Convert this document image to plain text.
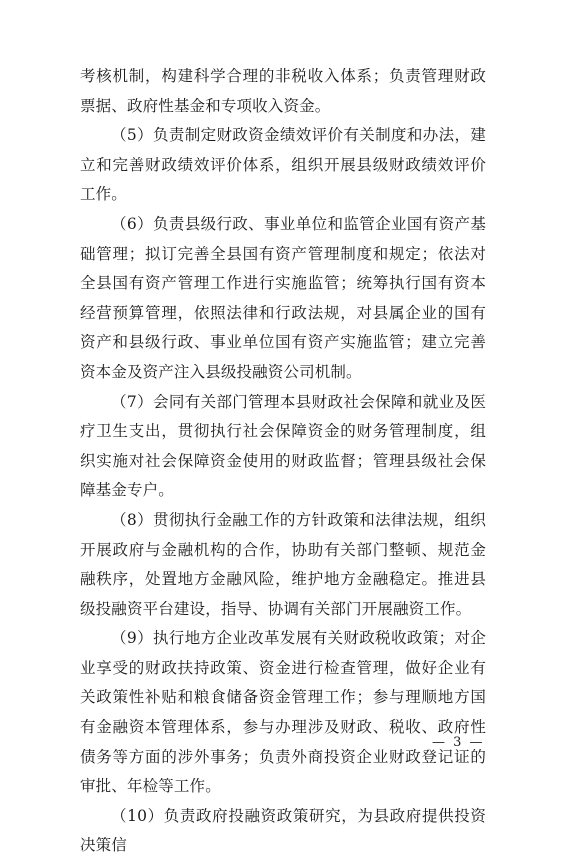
考核机制，构建科学合理的非税收入体系；负责管理财政票据、政府性基金和专项收入资金。

（5）负责制定财政资金绩效评价有关制度和办法，建立和完善财政绩效评价体系，组织开展县级财政绩效评价工作。

（6）负责县级行政、事业单位和监管企业国有资产基础管理；拟订完善全县国有资产管理制度和规定；依法对全县国有资产管理工作进行实施监管；统筹执行国有资本经营预算管理，依照法律和行政法规，对县属企业的国有资产和县级行政、事业单位国有资产实施监管；建立完善资本金及资产注入县级投融资公司机制。

（7）会同有关部门管理本县财政社会保障和就业及医疗卫生支出，贯彻执行社会保障资金的财务管理制度，组织实施对社会保障资金使用的财政监督；管理县级社会保障基金专户。

（8）贯彻执行金融工作的方针政策和法律法规，组织开展政府与金融机构的合作，协助有关部门整顿、规范金融秩序，处置地方金融风险，维护地方金融稳定。推进县级投融资平台建设，指导、协调有关部门开展融资工作。

（9）执行地方企业改革发展有关财政税收政策；对企业享受的财政扶持政策、资金进行检查管理，做好企业有关政策性补贴和粮食储备资金管理工作；参与理顺地方国有金融资本管理体系，参与办理涉及财政、税收、政府性债务等方面的涉外事务；负责外商投资企业财政登记证的审批、年检等工作。

（10）负责政府投融资政策研究，为县政府提供投资决策信

— 3 —
